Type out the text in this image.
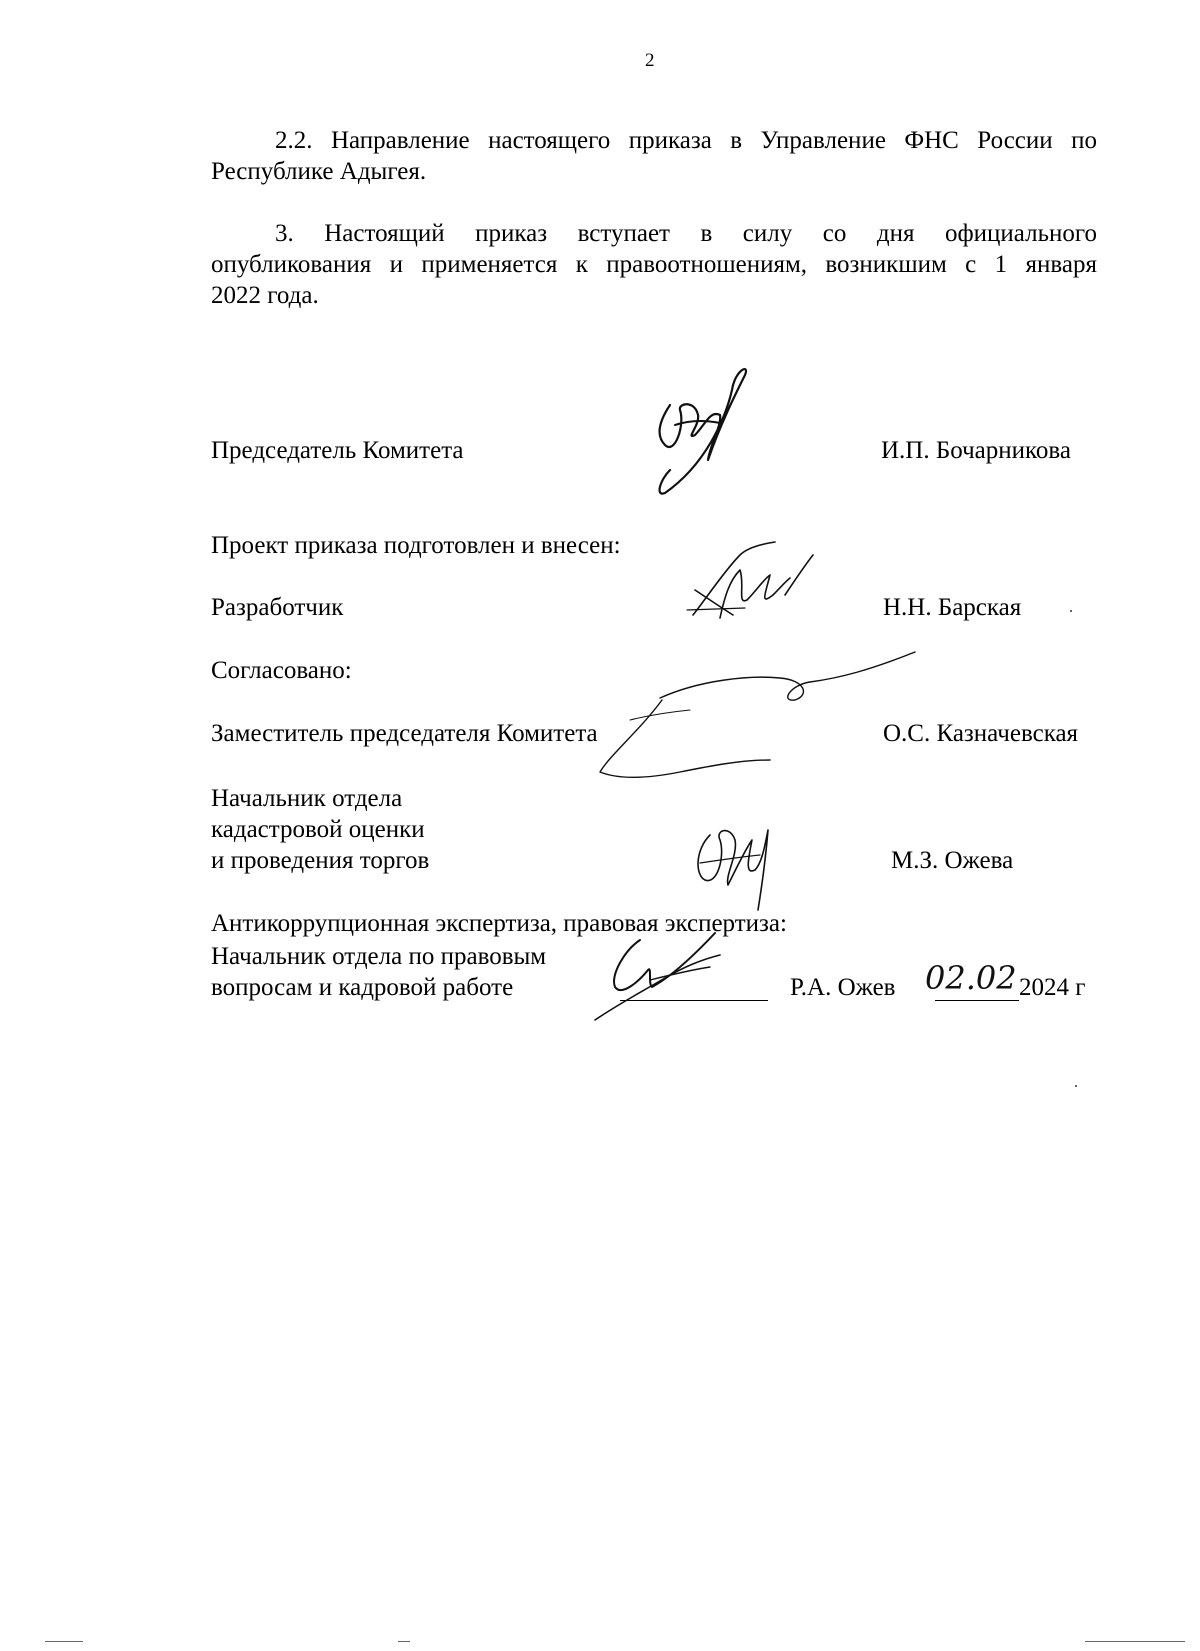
2
2.2. Направление настоящего приказа в Управление ФНС России по
Республике Адыгея.
3. Настоящий приказ вступает в силу со дня официального
опубликования и применяется к правоотношениям, возникшим с 1 января
2022 года.
Председатель Комитета	И.П. Бочарникова
Проект приказа подготовлен и внесен:
Разработчик	Н.Н. Барская
Согласовано:
Заместитель председателя Комитета	О.С. Казначевская
Начальник отдела
кадастровой оценки
и проведения торгов	М.З. Ожева
Антикоррупционная экспертиза, правовая экспертиза:
Начальник отдела по правовым
вопросам и кадровой работе	Р.А. Ожев 02.02 2024 г
